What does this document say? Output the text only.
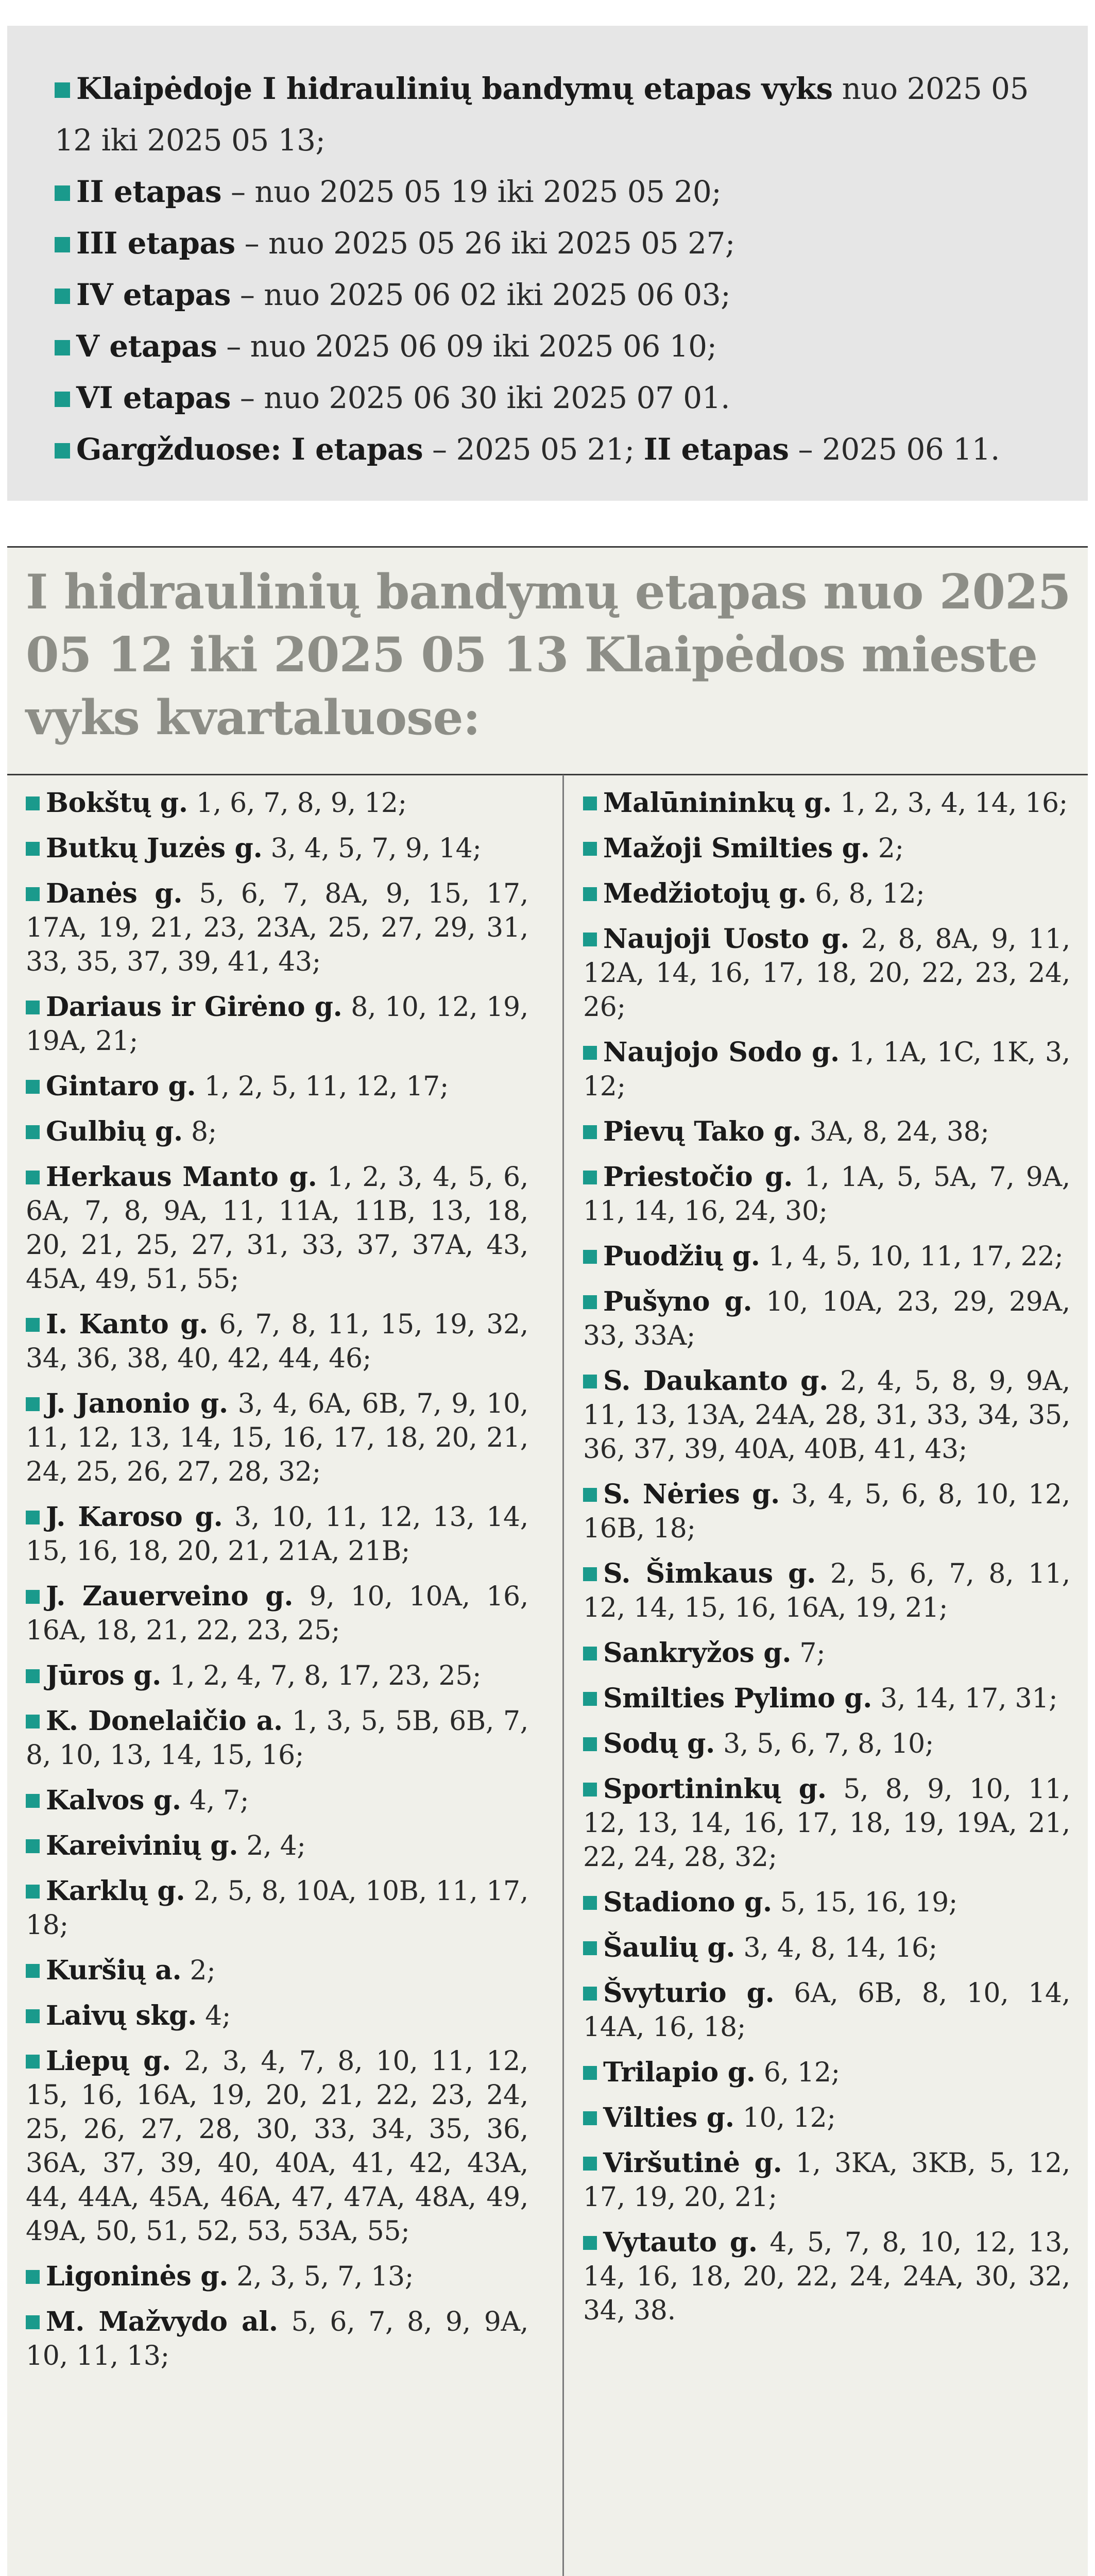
Klaipėdoje I hidraulinių bandymų etapas vyks nuo 2025 05 12 iki 2025 05 13;

II etapas – nuo 2025 05 19 iki 2025 05 20;

III etapas – nuo 2025 05 26 iki 2025 05 27;

IV etapas – nuo 2025 06 02 iki 2025 06 03;

V etapas – nuo 2025 06 09 iki 2025 06 10;

VI etapas – nuo 2025 06 30 iki 2025 07 01.

Gargžduose: I etapas – 2025 05 21; II etapas – 2025 06 11.

I hidraulinių bandymų etapas nuo 2025 05 12 iki 2025 05 13 Klaipėdos mieste vyks kvartaluose:

Bokštų g. 1, 6, 7, 8, 9, 12;

Butkų Juzės g. 3, 4, 5, 7, 9, 14;

Danės g. 5, 6, 7, 8A, 9, 15, 17, 17A, 19, 21, 23, 23A, 25, 27, 29, 31, 33, 35, 37, 39, 41, 43;

Dariaus ir Girėno g. 8, 10, 12, 19, 19A, 21;

Gintaro g. 1, 2, 5, 11, 12, 17;

Gulbių g. 8;

Herkaus Manto g. 1, 2, 3, 4, 5, 6, 6A, 7, 8, 9A, 11, 11A, 11B, 13, 18, 20, 21, 25, 27, 31, 33, 37, 37A, 43, 45A, 49, 51, 55;

I. Kanto g. 6, 7, 8, 11, 15, 19, 32, 34, 36, 38, 40, 42, 44, 46;

J. Janonio g. 3, 4, 6A, 6B, 7, 9, 10, 11, 12, 13, 14, 15, 16, 17, 18, 20, 21, 24, 25, 26, 27, 28, 32;

J. Karoso g. 3, 10, 11, 12, 13, 14, 15, 16, 18, 20, 21, 21A, 21B;

J. Zauerveino g. 9, 10, 10A, 16, 16A, 18, 21, 22, 23, 25;

Jūros g. 1, 2, 4, 7, 8, 17, 23, 25;

K. Donelaičio a. 1, 3, 5, 5B, 6B, 7, 8, 10, 13, 14, 15, 16;

Kalvos g. 4, 7;

Kareivinių g. 2, 4;

Karklų g. 2, 5, 8, 10A, 10B, 11, 17, 18;

Kuršių a. 2;

Laivų skg. 4;

Liepų g. 2, 3, 4, 7, 8, 10, 11, 12, 15, 16, 16A, 19, 20, 21, 22, 23, 24, 25, 26, 27, 28, 30, 33, 34, 35, 36, 36A, 37, 39, 40, 40A, 41, 42, 43A, 44, 44A, 45A, 46A, 47, 47A, 48A, 49, 49A, 50, 51, 52, 53, 53A, 55;

Ligoninės g. 2, 3, 5, 7, 13;

M. Mažvydo al. 5, 6, 7, 8, 9, 9A, 10, 11, 13;

Malūnininkų g. 1, 2, 3, 4, 14, 16;

Mažoji Smilties g. 2;

Medžiotojų g. 6, 8, 12;

Naujoji Uosto g. 2, 8, 8A, 9, 11, 12A, 14, 16, 17, 18, 20, 22, 23, 24, 26;

Naujojo Sodo g. 1, 1A, 1C, 1K, 3, 12;

Pievų Tako g. 3A, 8, 24, 38;

Priestočio g. 1, 1A, 5, 5A, 7, 9A, 11, 14, 16, 24, 30;

Puodžių g. 1, 4, 5, 10, 11, 17, 22;

Pušyno g. 10, 10A, 23, 29, 29A, 33, 33A;

S. Daukanto g. 2, 4, 5, 8, 9, 9A, 11, 13, 13A, 24A, 28, 31, 33, 34, 35, 36, 37, 39, 40A, 40B, 41, 43;

S. Nėries g. 3, 4, 5, 6, 8, 10, 12, 16B, 18;

S. Šimkaus g. 2, 5, 6, 7, 8, 11, 12, 14, 15, 16, 16A, 19, 21;

Sankryžos g. 7;

Smilties Pylimo g. 3, 14, 17, 31;

Sodų g. 3, 5, 6, 7, 8, 10;

Sportininkų g. 5, 8, 9, 10, 11, 12, 13, 14, 16, 17, 18, 19, 19A, 21, 22, 24, 28, 32;

Stadiono g. 5, 15, 16, 19;

Šaulių g. 3, 4, 8, 14, 16;

Švyturio g. 6A, 6B, 8, 10, 14, 14A, 16, 18;

Trilapio g. 6, 12;

Vilties g. 10, 12;

Viršutinė g. 1, 3KA, 3KB, 5, 12, 17, 19, 20, 21;

Vytauto g. 4, 5, 7, 8, 10, 12, 13, 14, 16, 18, 20, 22, 24, 24A, 30, 32, 34, 38.
